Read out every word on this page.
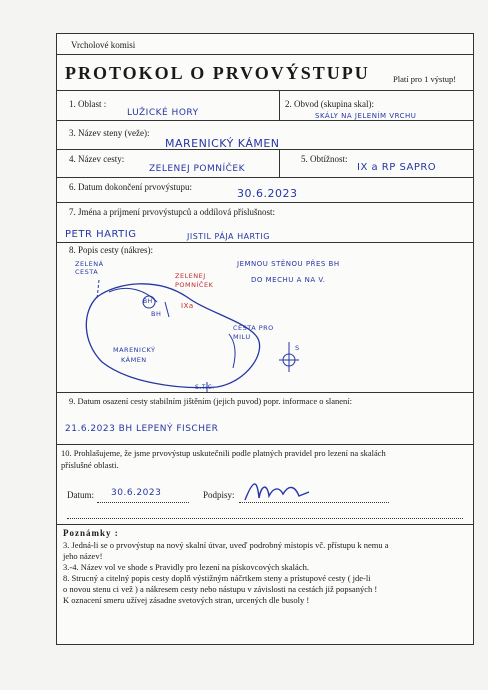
Vrcholové komisi
PROTOKOL O PRVOVÝSTUPU	Platí pro 1 výstup!
1. Oblast :
LUŽICKÉ HORY
2. Obvod (skupina skal):
SKÁLY NA JELENÍM VRCHU
3. Název steny (veže):
MARENICKÝ KÁMEN
4. Název cesty:
ZELENEJ POMNÍČEK
5. Obtížnost:
IX a RP SAPRO
6. Datum dokončení prvovýstupu:	30.6.2023
7. Jména a príjmení prvovýstupců a oddílová příslušnost:
PETR HARTIG	JISTIL PÁJA HARTIG
8. Popis cesty (nákres):
ZELENÁ CESTA
BH
ZELENEJ POMNÍČEK
IXa
BH
JEMNOU STĚNOU PŘES BH
DO MECHU A NA V.
CESTA PRO MILU
MARENICKÝ
KÁMEN
S.T.C.
S
9. Datum osazení cesty stabilním jištěním (jejich puvod) popr. informace o slanení:
21.6.2023 BH LEPENÝ FISCHER
10. Prohlašujeme, že jsme prvovýstup uskutečnili podle platných pravidel pro lezení na skalách
příslušné oblasti.
Datum: 30.6.2023	Podpisy:
Poznámky :
3. Jedná-li se o prvovýstup na nový skalní útvar, uveď podrobný místopis vč. přístupu k nemu a
jeho název!
3.-4. Název vol ve shode s Pravidly pro lezení na pískovcových skalách.
8. Strucný a citelný popis cesty doplň výstižným náčrtkem steny a prístupové cesty ( jde-li
o novou stenu ci vež ) a nákresem cesty nebo nástupu v závislosti na cestách již popsaných !
K oznacení smeru užívej zásadne svetových stran, urcených dle busoly !
